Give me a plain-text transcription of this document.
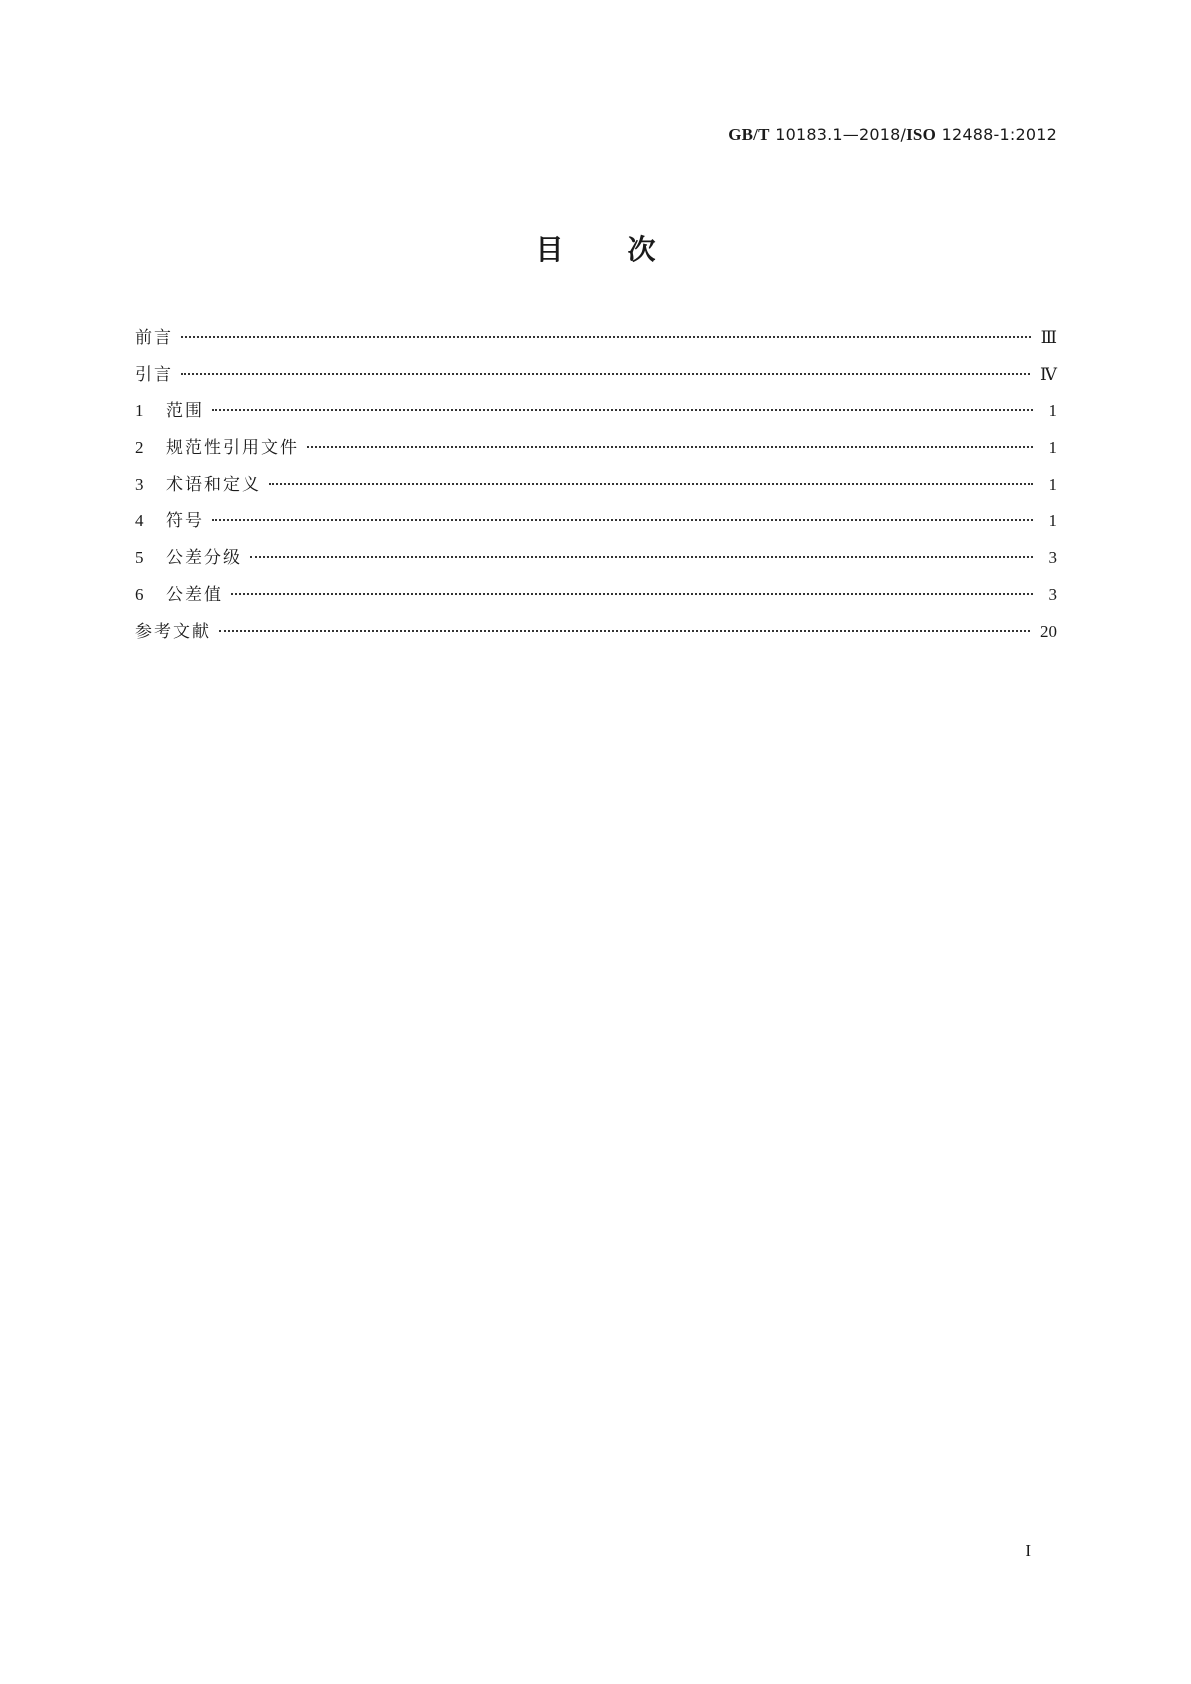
GB/T 10183.1—2018/ISO 12488-1:2012
目次
前言	Ⅲ
引言	Ⅳ
1	范围	1
2	规范性引用文件	1
3	术语和定义	1
4	符号	1
5	公差分级	3
6	公差值	3
参考文献	20
I
